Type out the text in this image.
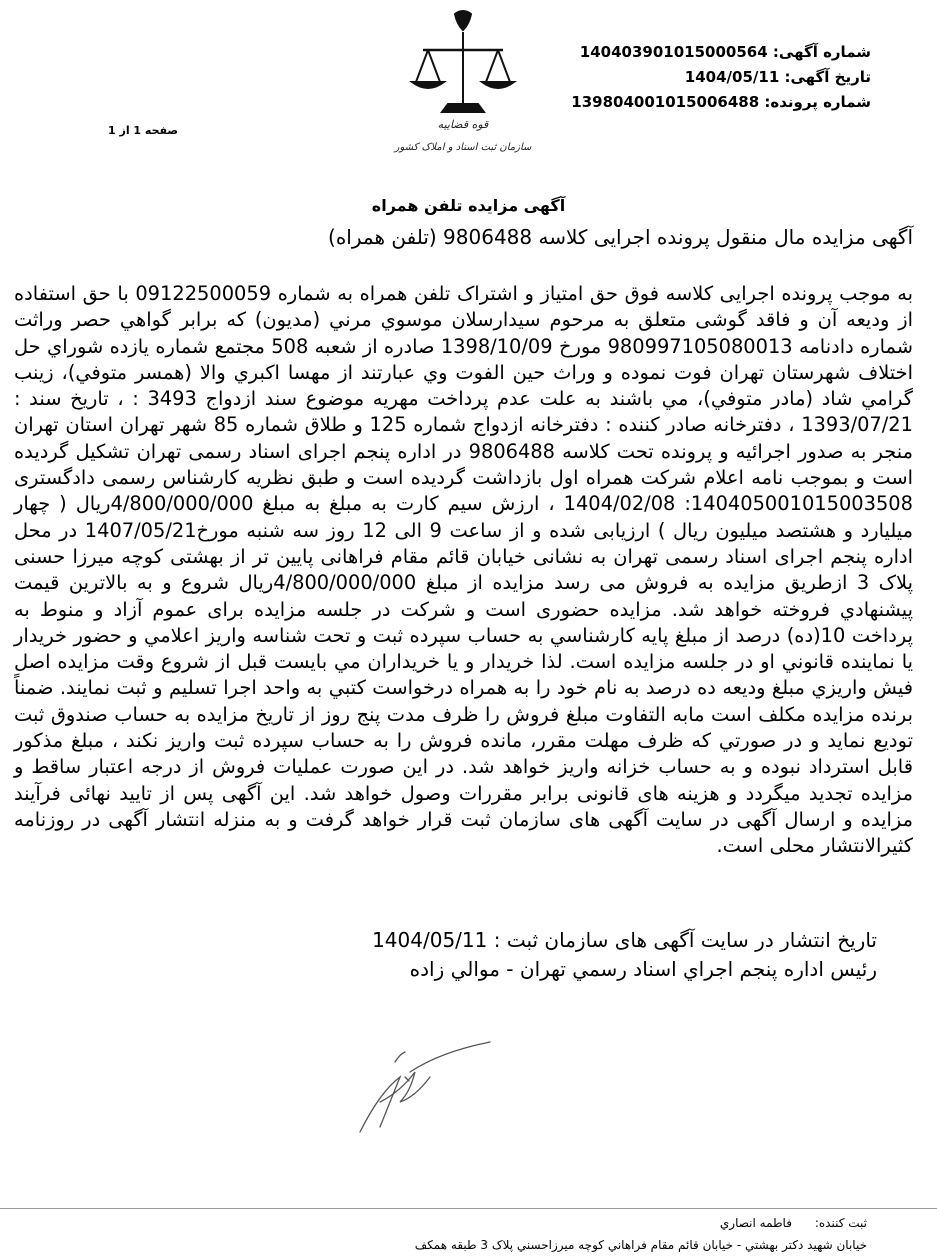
شماره آگهی: 140403901015000564
تاریخ آگهی: 1404/05/11
شماره پرونده: 139804001015006488
صفحه 1 از 1	قوه قضاییه
سازمان ثبت اسناد و املاک کشور
آگهی مزایده تلفن همراه
آگهی مزایده مال منقول پرونده اجرایی کلاسه 9806488 (تلفن همراه)
به موجب پرونده اجرایی کلاسه فوق حق امتیاز و اشتراک تلفن همراه به شماره 09122500059 با حق استفاده از ودیعه آن و فاقد گوشی متعلق به مرحوم سیدارسلان موسوي مرني (مديون) كه برابر گواهي حصر وراثت شماره دادنامه 980997105080013 مورخ 1398/10/09 صادره از شعبه 508 مجتمع شماره يازده شوراي حل اختلاف شهرستان تهران فوت نموده و وراث حين الفوت وي عبارتند از مهسا اكبري والا (همسر متوفي)، زينب گرامي شاد (مادر متوفي)، مي باشند به علت عدم پرداخت مهريه موضوع سند ازدواج 3493 : ، تاريخ سند : 1393/07/21 ، دفترخانه صادر كننده : دفترخانه ازدواج شماره 125 و طلاق شماره 85 شهر تهران استان تهران منجر به صدور اجرائيه و پرونده تحت كلاسه 9806488 در اداره پنجم اجرای اسناد رسمی تهران تشکیل گردیده است و بموجب نامه اعلام شرکت همراه اول بازداشت گردیده است و طبق نظریه کارشناس رسمی دادگستری 140405001015003508: 1404/02/08 ، ارزش سیم کارت به مبلغ به مبلغ 4/800/000/000ریال ( چهار میلیارد و هشتصد میلیون ریال ) ارزیابی شده و از ساعت 9 الی 12 روز سه شنبه مورخ1407/05/21 در محل اداره پنجم اجرای اسناد رسمی تهران به نشانی خیابان قائم مقام فراهانی پایین تر از بهشتی کوچه میرزا حسنی پلاک 3 ازطریق مزایده به فروش می رسد مزایده از مبلغ 4/800/000/000ریال شروع و به بالاترين قيمت پيشنهادي فروخته خواهد شد. مزایده حضوری است و شرکت در جلسه مزایده برای عموم آزاد و منوط به پرداخت 10(ده) درصد از مبلغ پایه كارشناسي به حساب سپرده ثبت و تحت شناسه واريز اعلامي و حضور خريدار يا نماينده قانوني او در جلسه مزايده است. لذا خريدار و يا خريداران مي بايست قبل از شروع وقت مزايده اصل فيش واريزي مبلغ وديعه ده درصد به نام خود را به همراه درخواست كتبي به واحد اجرا تسليم و ثبت نمايند. ضمناً برنده مزایده مکلف است مابه التفاوت مبلغ فروش را ظرف مدت پنج روز از تاریخ مزایده به حساب صندوق ثبت توديع نمايد و در صورتي كه ظرف مهلت مقرر، مانده فروش را به حساب سپرده ثبت واريز نكند ، مبلغ مذکور قابل استرداد نبوده و به حساب خزانه واریز خواهد شد. در این صورت عملیات فروش از درجه اعتبار ساقط و مزایده تجدید میگردد و هزینه های قانونی برابر مقررات وصول خواهد شد. این آگهی پس از تایید نهائی فرآیند مزایده و ارسال آگهی در سایت آگهی های سازمان ثبت قرار خواهد گرفت و به منزله انتشار آگهی در روزنامه کثیرالانتشار محلی است.
تاریخ انتشار در سایت آگهی های سازمان ثبت : 1404/05/11
رئیس اداره پنجم اجراي اسناد رسمي تهران - موالي زاده
ثبت کننده:      فاطمه انصاري
خيابان شهيد دکتر بهشتي - خيابان قائم مقام فراهاني کوچه ميرزاحسني پلاک 3 طبقه همکف
